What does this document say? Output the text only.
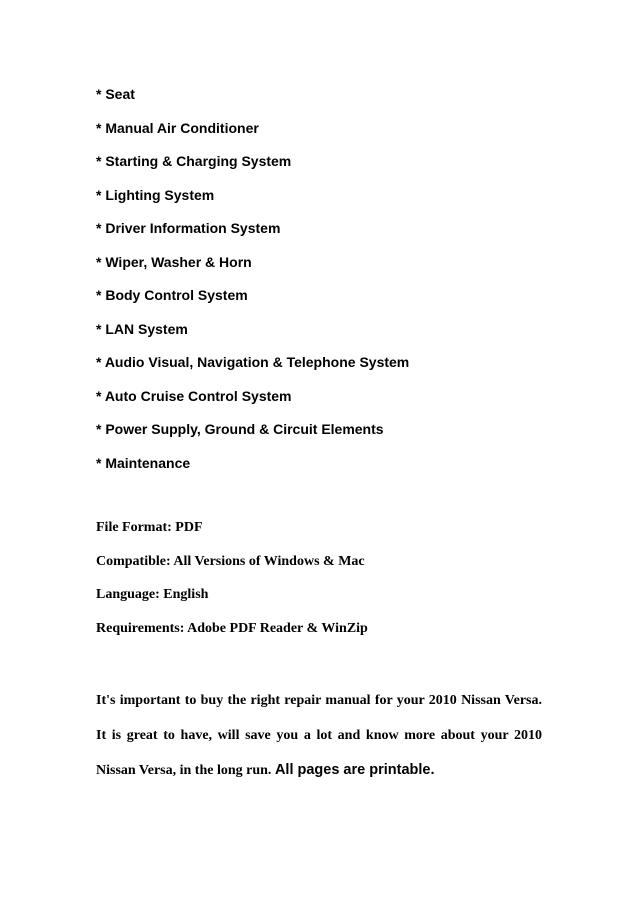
* Seat
* Manual Air Conditioner
* Starting & Charging System
* Lighting System
* Driver Information System
* Wiper, Washer & Horn
* Body Control System
* LAN System
* Audio Visual, Navigation & Telephone System
* Auto Cruise Control System
* Power Supply, Ground & Circuit Elements
* Maintenance
File Format: PDF
Compatible: All Versions of Windows & Mac
Language: English
Requirements: Adobe PDF Reader & WinZip

It's important to buy the right repair manual for your 2010 Nissan Versa. It is great to have, will save you a lot and know more about your 2010 Nissan Versa, in the long run. All pages are printable.
